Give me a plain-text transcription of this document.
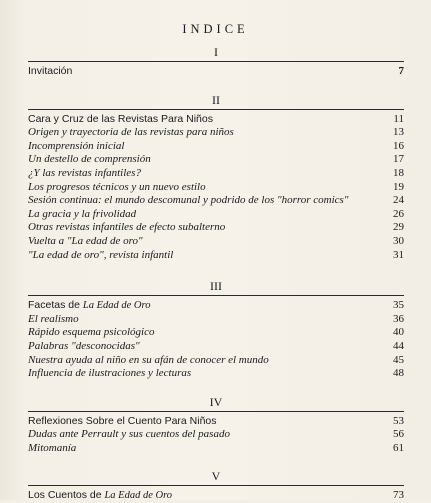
INDICE
I
Invitación	7
II
Cara y Cruz de las Revistas Para Niños	11
Origen y trayectoria de las revistas para niños	13
Incomprensión inicial	16
Un destello de comprensión	17
¿Y las revistas infantiles?	18
Los progresos técnicos y un nuevo estilo	19
Sesión continua: el mundo descomunal y podrido de los "horror comics"	24
La gracia y la frivolidad	26
Otras revistas infantiles de efecto subalterno	29
Vuelta a "La edad de oro"	30
"La edad de oro", revista infantil	31
III
Facetas de La Edad de Oro	35
El realismo	36
Rápido esquema psicológico	40
Palabras "desconocidas"	44
Nuestra ayuda al niño en su afán de conocer el mundo	45
Influencia de ilustraciones y lecturas	48
IV
Reflexiones Sobre el Cuento Para Niños	53
Dudas ante Perrault y sus cuentos del pasado	56
Mitomanía	61
V
Los Cuentos de La Edad de Oro	73
